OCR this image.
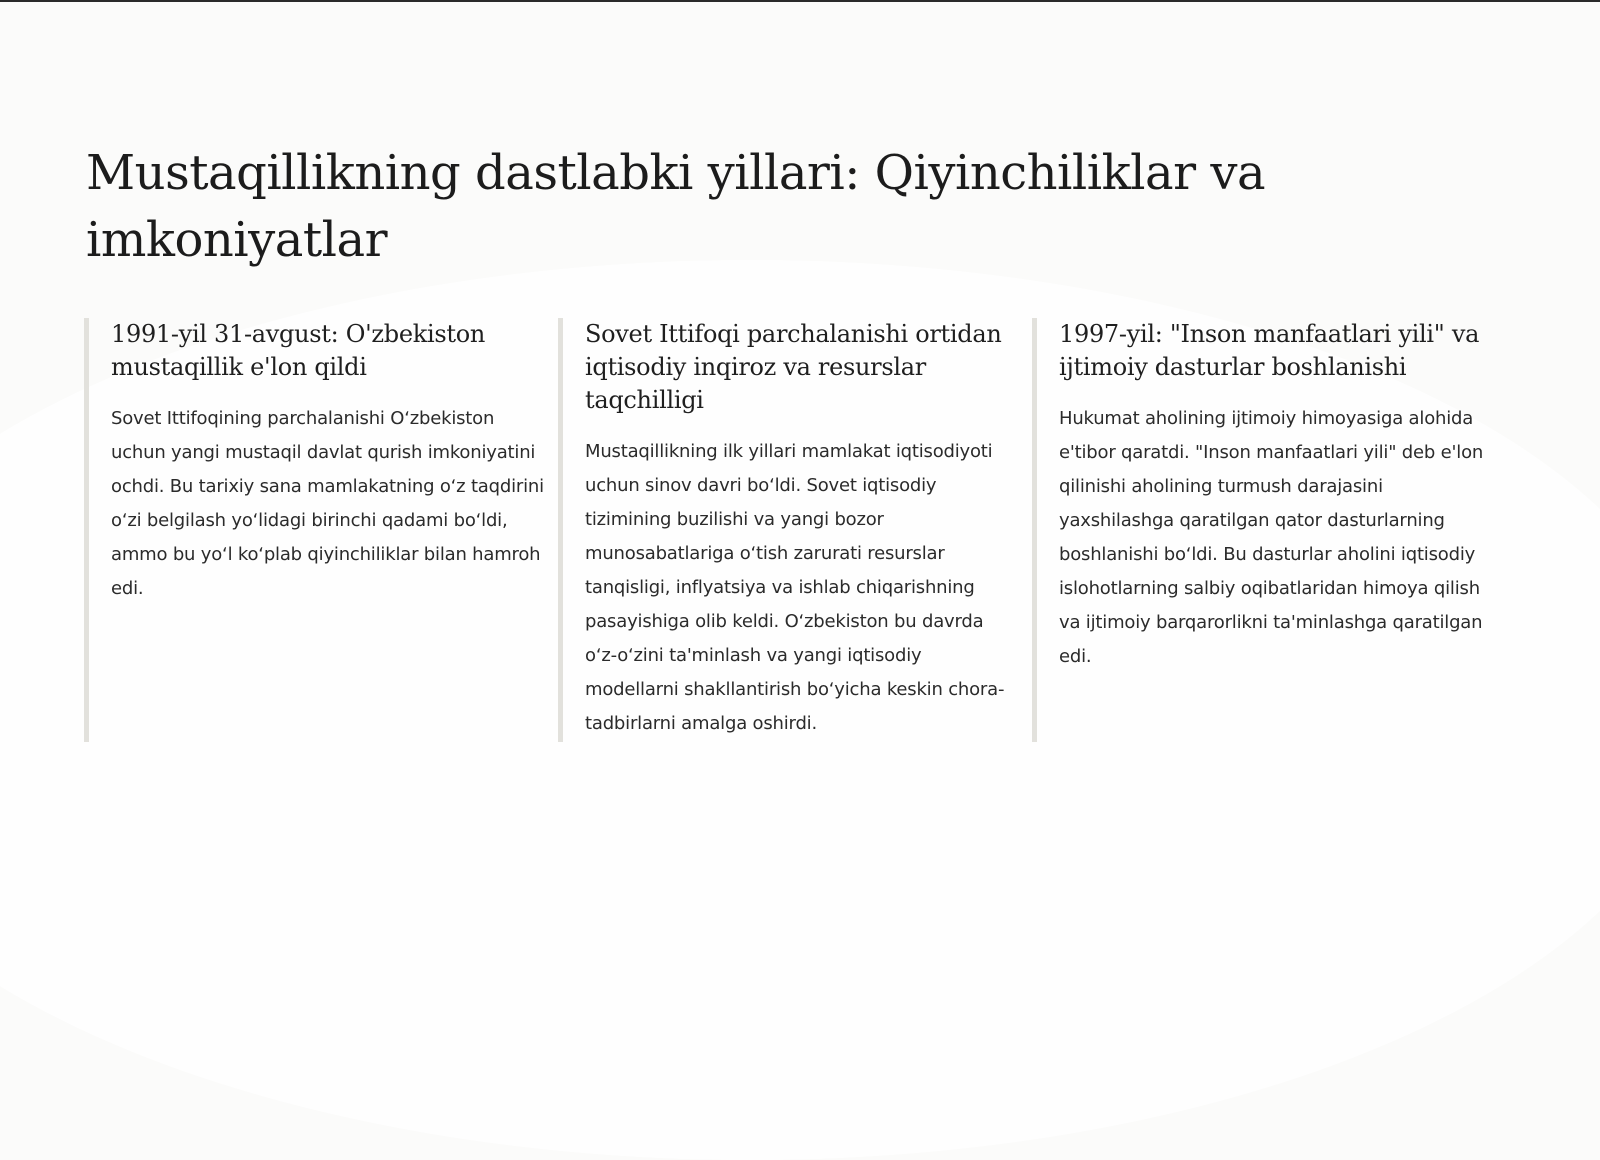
Mustaqillikning dastlabki yillari: Qiyinchiliklar va imkoniyatlar
1991-yil 31-avgust: O'zbekiston mustaqillik e'lon qildi

Sovet Ittifoqining parchalanishi Oʻzbekiston uchun yangi mustaqil davlat qurish imkoniyatini ochdi. Bu tarixiy sana mamlakatning oʻz taqdirini oʻzi belgilash yoʻlidagi birinchi qadami boʻldi, ammo bu yoʻl koʻplab qiyinchiliklar bilan hamroh edi.

Sovet Ittifoqi parchalanishi ortidan iqtisodiy inqiroz va resurslar taqchilligi

Mustaqillikning ilk yillari mamlakat iqtisodiyoti uchun sinov davri boʻldi. Sovet iqtisodiy tizimining buzilishi va yangi bozor munosabatlariga oʻtish zarurati resurslar tanqisligi, inflyatsiya va ishlab chiqarishning pasayishiga olib keldi. Oʻzbekiston bu davrda oʻz-oʻzini ta'minlash va yangi iqtisodiy modellarni shakllantirish boʻyicha keskin chora-tadbirlarni amalga oshirdi.

1997-yil: "Inson manfaatlari yili" va ijtimoiy dasturlar boshlanishi

Hukumat aholining ijtimoiy himoyasiga alohida e'tibor qaratdi. "Inson manfaatlari yili" deb e'lon qilinishi aholining turmush darajasini yaxshilashga qaratilgan qator dasturlarning boshlanishi boʻldi. Bu dasturlar aholini iqtisodiy islohotlarning salbiy oqibatlaridan himoya qilish va ijtimoiy barqarorlikni ta'minlashga qaratilgan edi.
